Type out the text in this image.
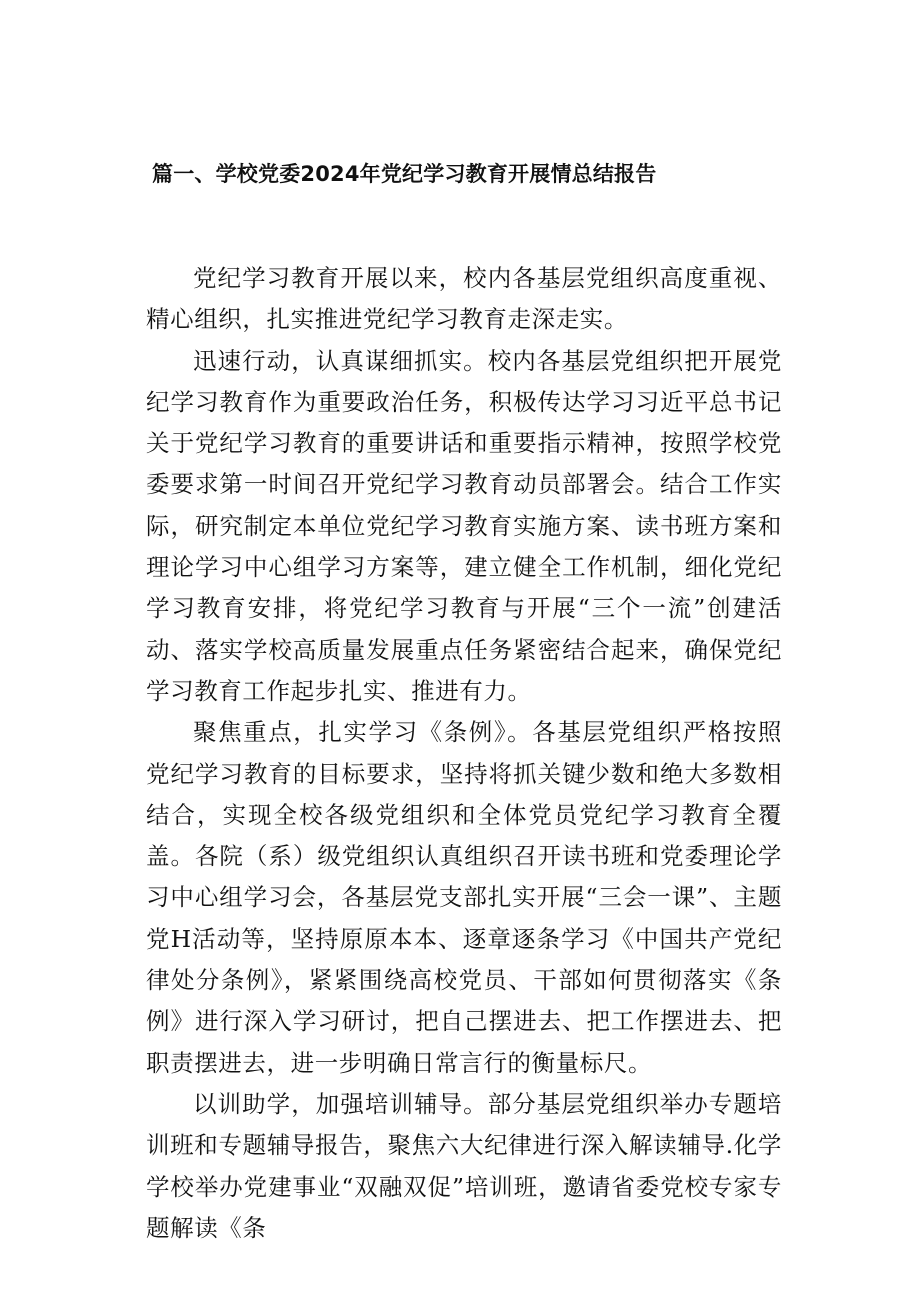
篇一、学校党委2024年党纪学习教育开展情总结报告

党纪学习教育开展以来，校内各基层党组织高度重视、精心组织，扎实推进党纪学习教育走深走实。

迅速行动，认真谋细抓实。校内各基层党组织把开展党纪学习教育作为重要政治任务，积极传达学习习近平总书记关于党纪学习教育的重要讲话和重要指示精神，按照学校党委要求第一时间召开党纪学习教育动员部署会。结合工作实际，研究制定本单位党纪学习教育实施方案、读书班方案和理论学习中心组学习方案等，建立健全工作机制，细化党纪学习教育安排，将党纪学习教育与开展“三个一流”创建活动、落实学校高质量发展重点任务紧密结合起来，确保党纪学习教育工作起步扎实、推进有力。

聚焦重点，扎实学习《条例》。各基层党组织严格按照党纪学习教育的目标要求，坚持将抓关键少数和绝大多数相结合，实现全校各级党组织和全体党员党纪学习教育全覆盖。各院（系）级党组织认真组织召开读书班和党委理论学习中心组学习会，各基层党支部扎实开展“三会一课”、主题党H活动等，坚持原原本本、逐章逐条学习《中国共产党纪律处分条例》，紧紧围绕高校党员、干部如何贯彻落实《条例》进行深入学习研讨，把自己摆进去、把工作摆进去、把职责摆进去，进一步明确日常言行的衡量标尺。

以训助学，加强培训辅导。部分基层党组织举办专题培训班和专题辅导报告，聚焦六大纪律进行深入解读辅导.化学学校举办党建事业“双融双促”培训班，邀请省委党校专家专题解读《条
